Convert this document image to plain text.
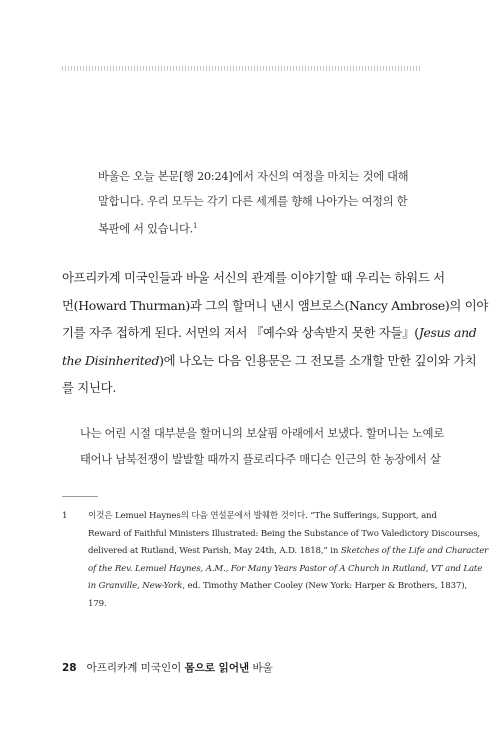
바울은 오늘 본문[행 20:24]에서 자신의 여정을 마치는 것에 대해
말합니다. 우리 모두는 각기 다른 세계를 향해 나아가는 여정의 한
복판에 서 있습니다.$^1$
아프리카계 미국인들과 바울 서신의 관계를 이야기할 때 우리는 하워드 서
먼(Howard Thurman)과 그의 할머니 낸시 앰브로스(Nancy Ambrose)의 이야
기를 자주 접하게 된다. 서먼의 저서 『예수와 상속받지 못한 자들』(Jesus and
the Disinherited)에 나오는 다음 인용문은 그 전모를 소개할 만한 깊이와 가치
를 지닌다.
나는 어린 시절 대부분을 할머니의 보살핌 아래에서 보냈다. 할머니는 노예로
태어나 남북전쟁이 발발할 때까지 플로리다주 매디슨 인근의 한 농장에서 살
1 이것은 Lemuel Haynes의 다음 연설문에서 발췌한 것이다. “The Sufferings, Support, and
Reward of Faithful Ministers Illustrated: Being the Substance of Two Valedictory Discourses,
delivered at Rutland, West Parish, May 24th, A.D. 1818,” in Sketches of the Life and Character
of the Rev. Lemuel Haynes, A.M., For Many Years Pastor of A Church in Rutland, VT and Late
in Granville, New-York, ed. Timothy Mather Cooley (New York: Harper & Brothers, 1837),
179.
28 아프리카계 미국인이 몸으로 읽어낸 바울
